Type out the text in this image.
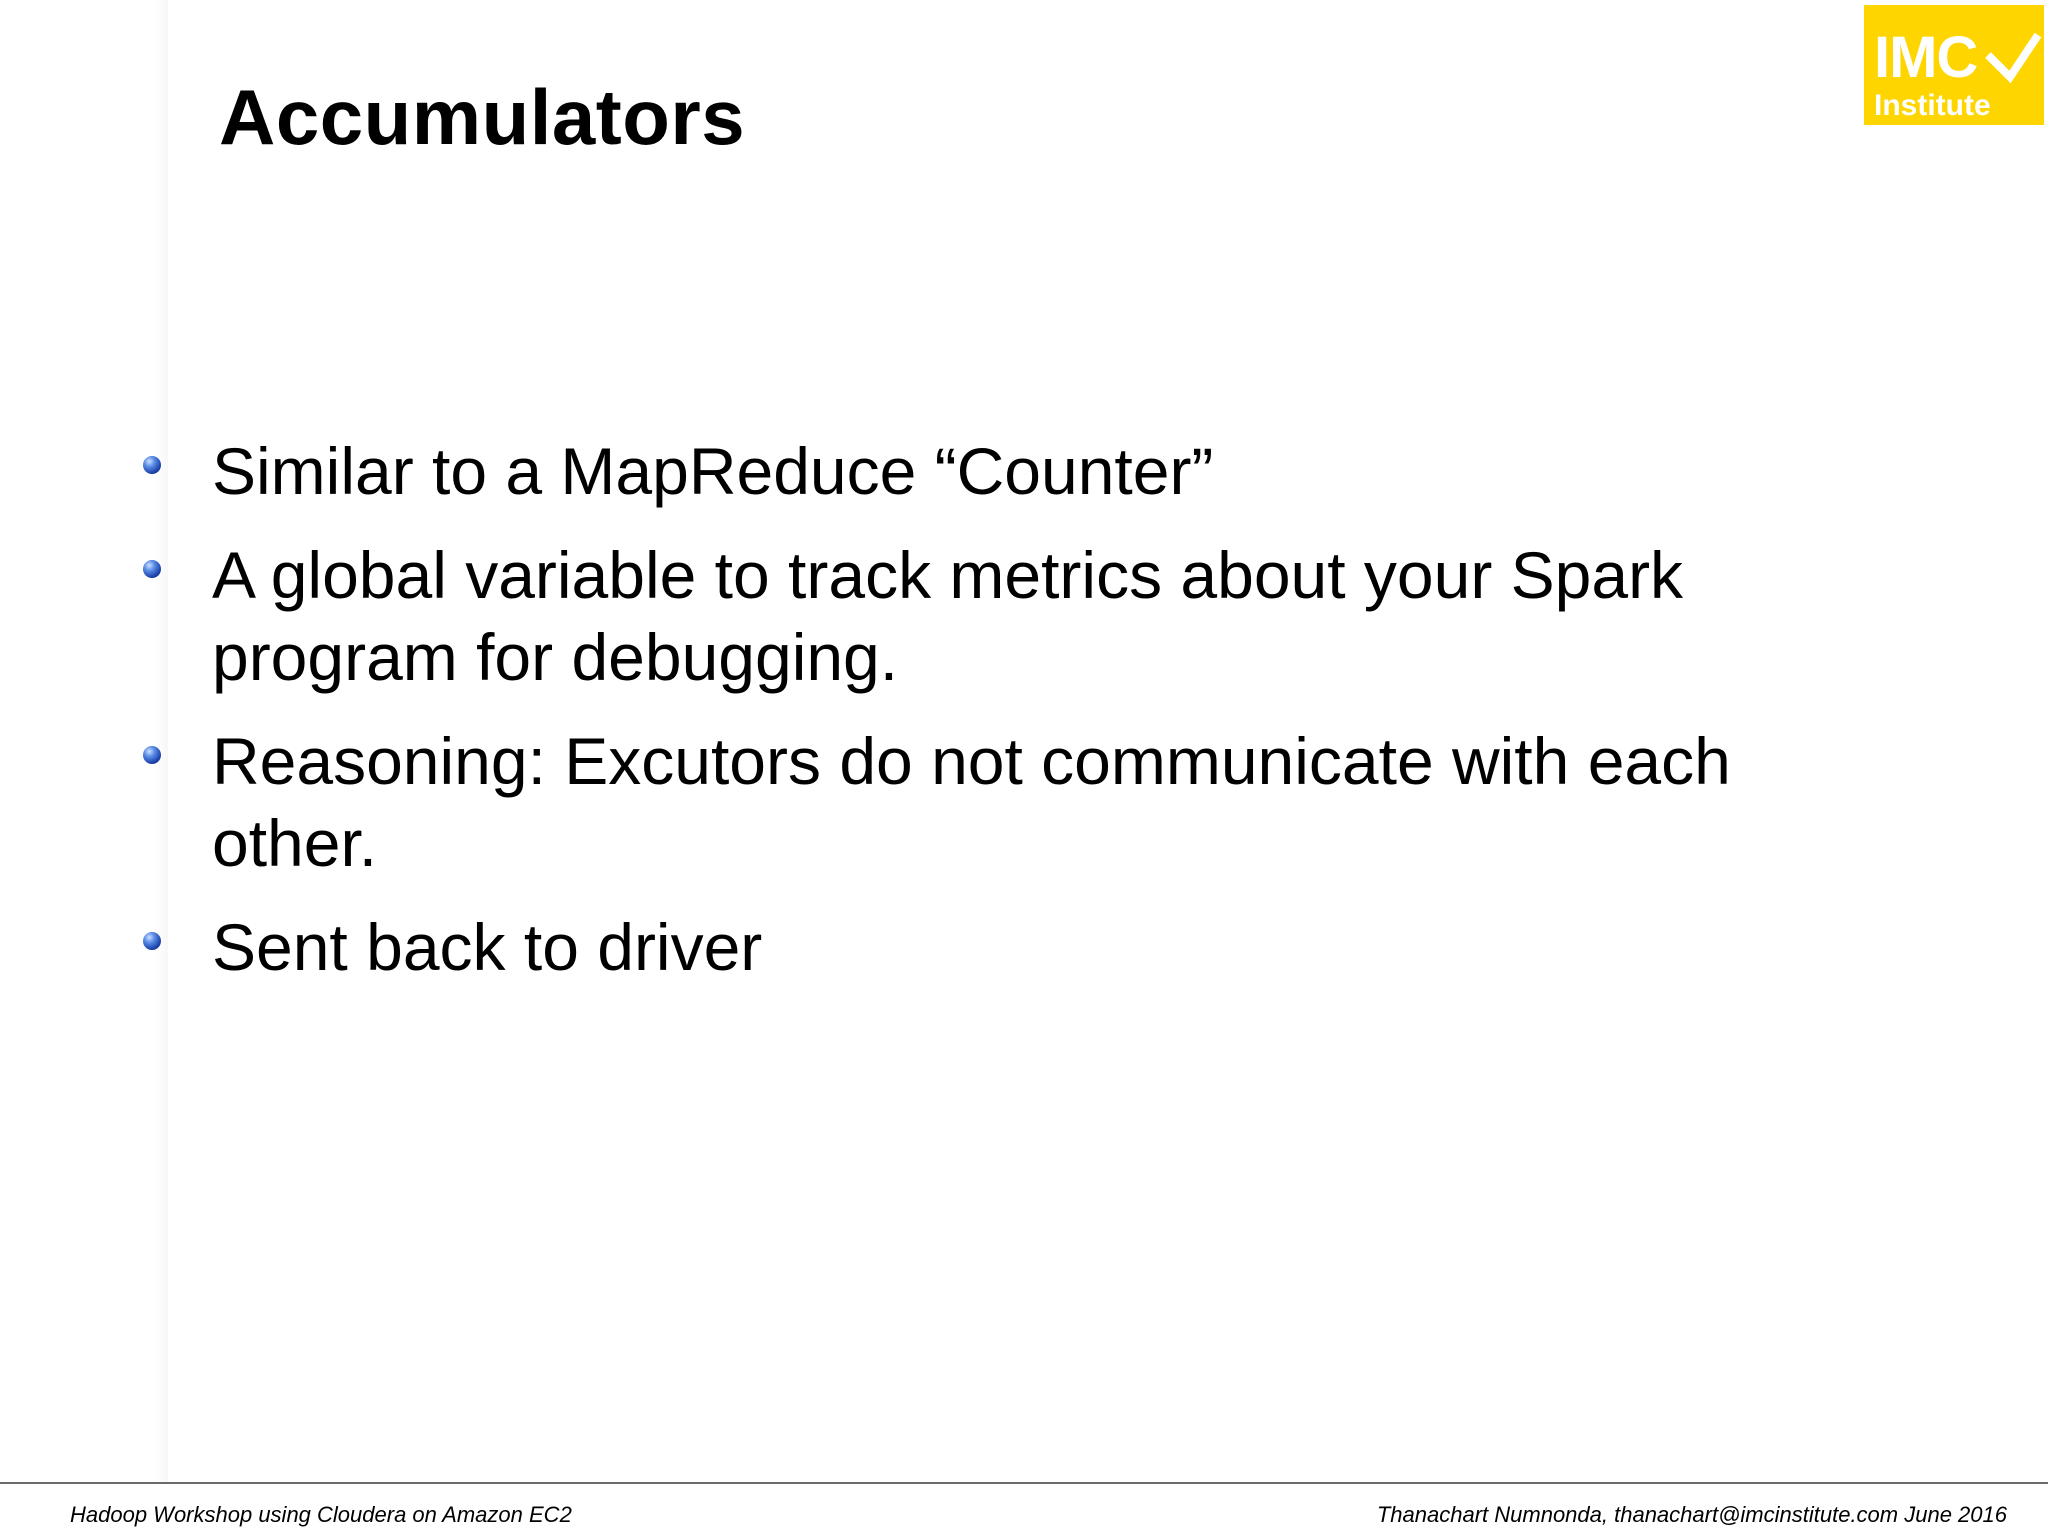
Accumulators
IMC
Institute
Similar to a MapReduce “Counter”
A global variable to track metrics about your Spark program for debugging.
Reasoning: Excutors do not communicate with each other.
Sent back to driver
Hadoop Workshop using Cloudera on Amazon EC2	Thanachart Numnonda, thanachart@imcinstitute.com June 2016
